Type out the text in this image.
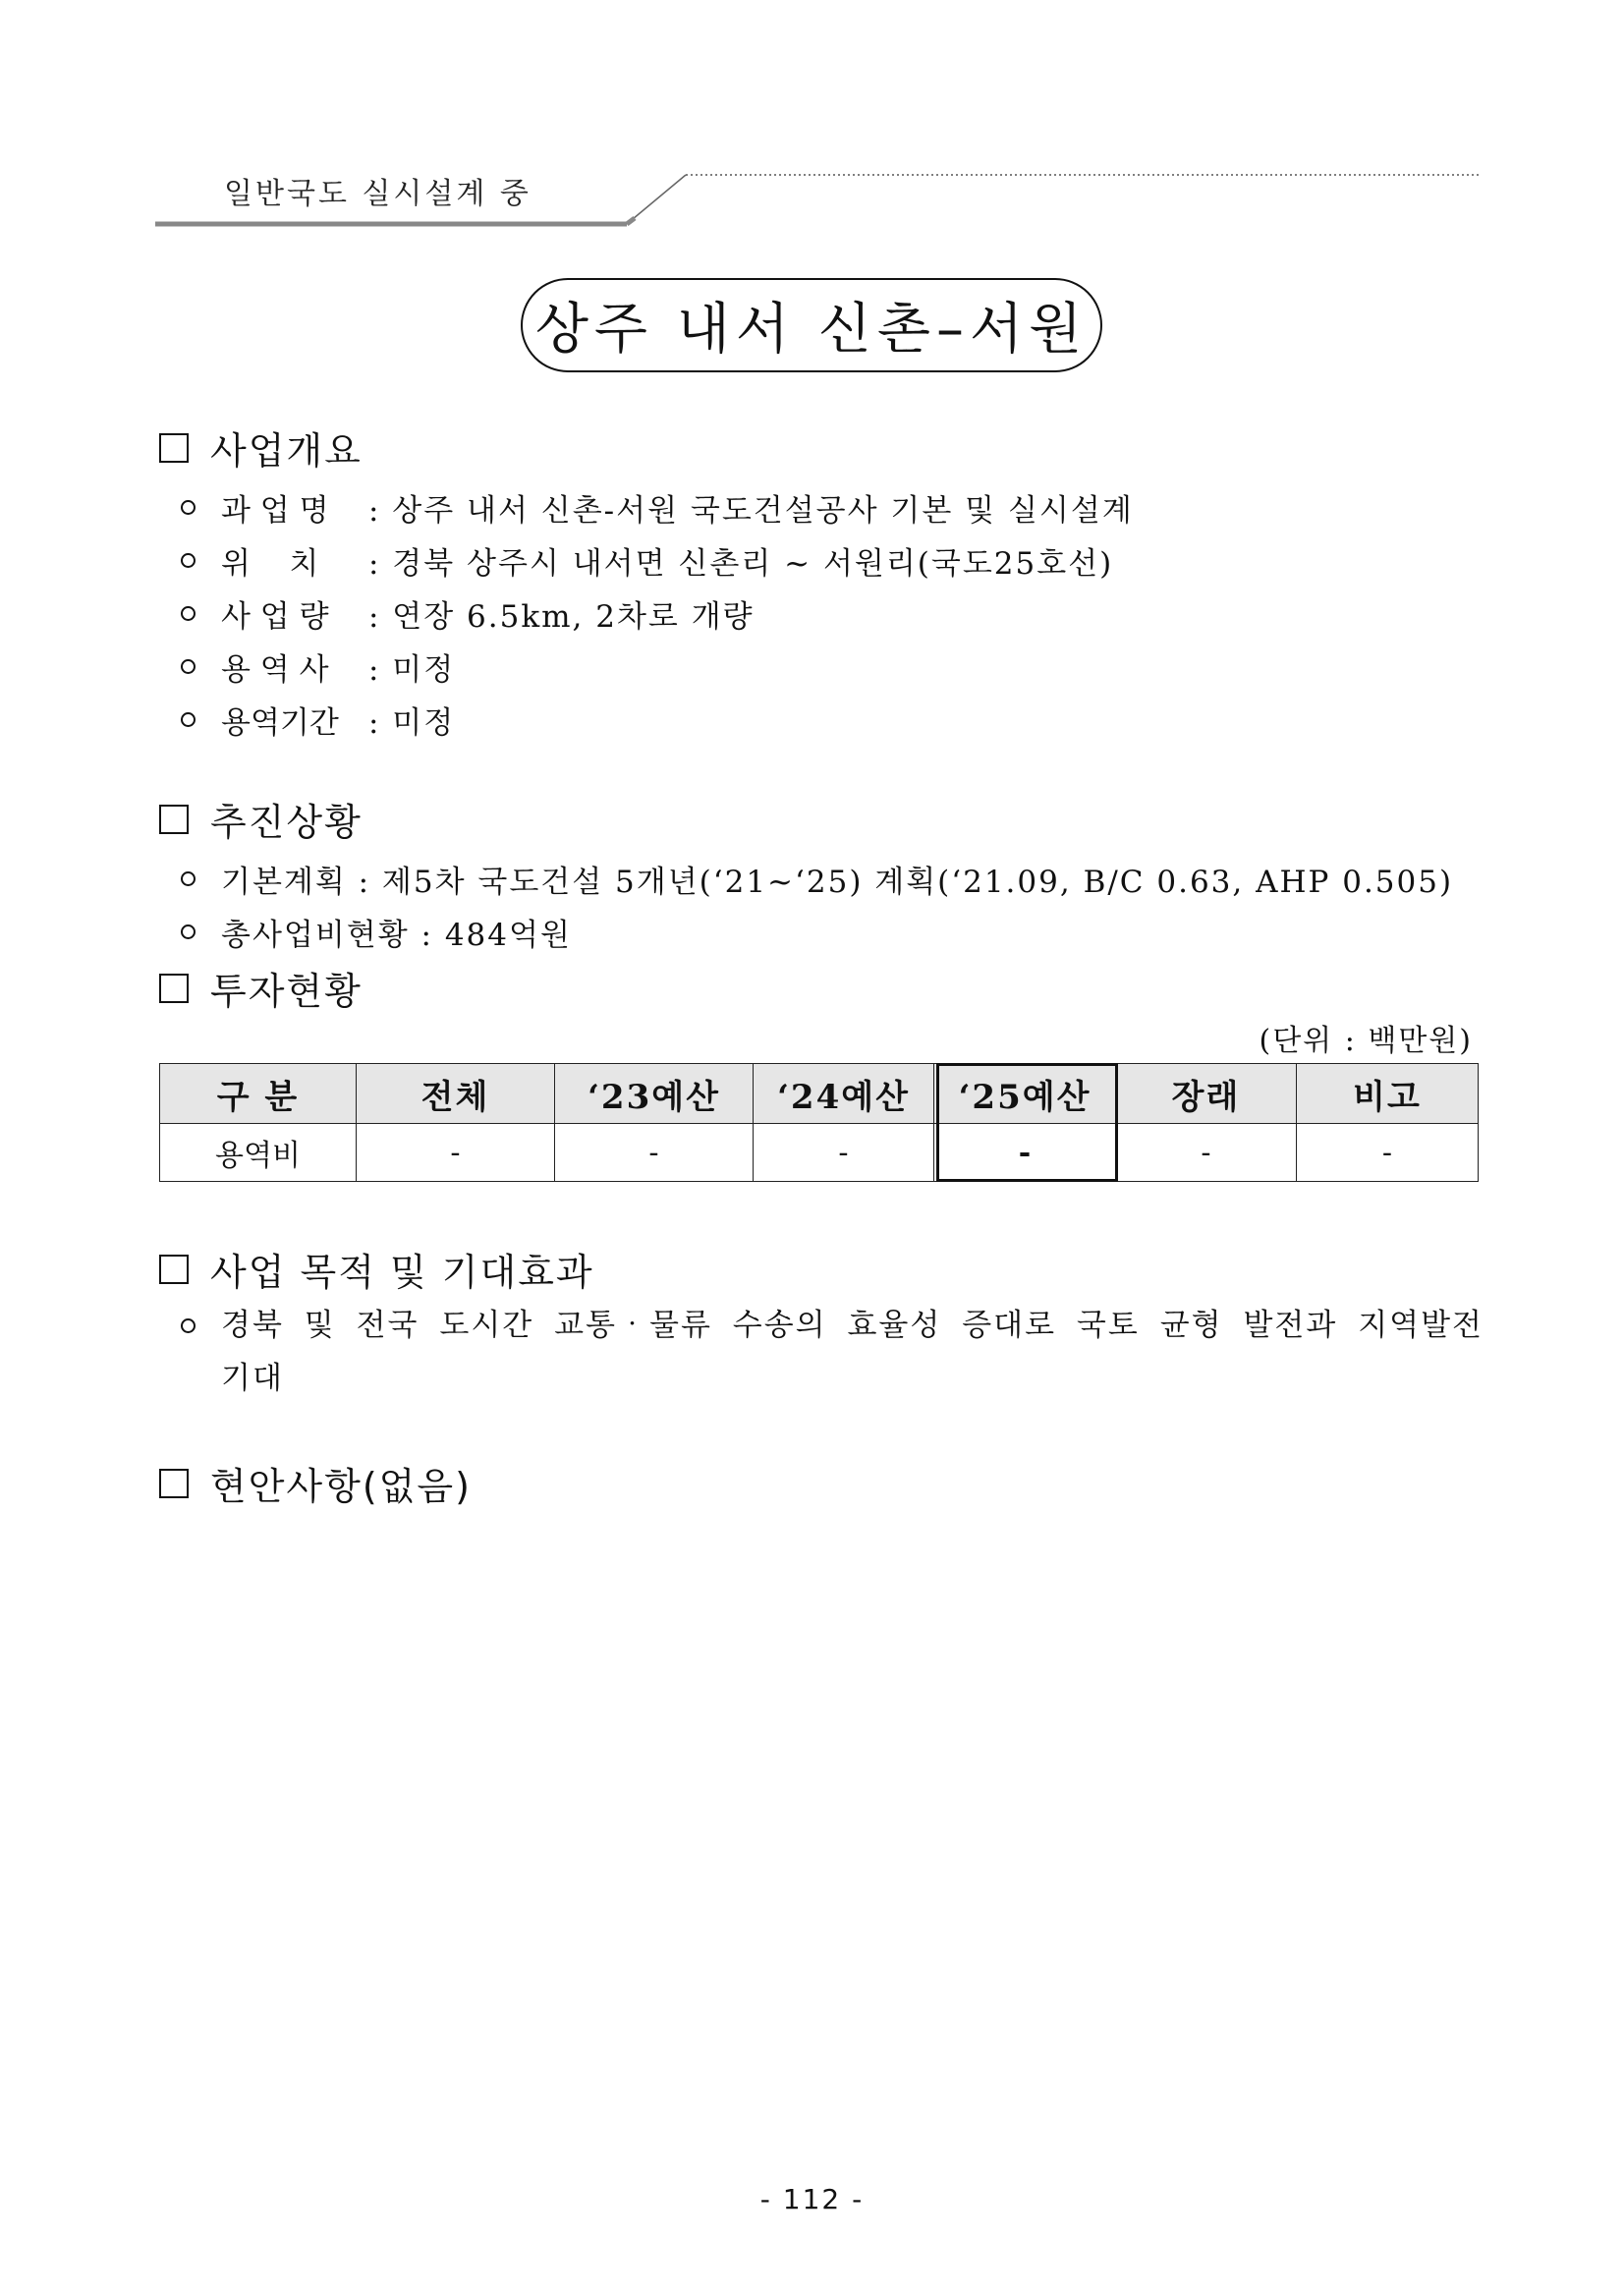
일반국도 실시설계 중
상주 내서 신촌–서원
사업개요
과 업 명	: 상주 내서 신촌-서원 국도건설공사 기본 및 실시설계
위    치	: 경북 상주시 내서면 신촌리 ~ 서원리(국도25호선)
사 업 량	: 연장 6.5km, 2차로 개량
용 역 사	: 미정
용역기간 : 미정
추진상황
기본계획 : 제5차 국도건설 5개년(‘21~‘25) 계획(‘21.09, B/C 0.63, AHP 0.505)
총사업비현황 : 484억원
투자현황
(단위 : 백만원)
구 분	전체	‘23예산	‘24예산	‘25예산	장래	비고
용역비	-	-	-	-	-	-
사업 목적 및 기대효과
경북 및 전국 도시간 교통‧물류 수송의 효율성 증대로 국토 균형 발전과 지역발전
기대
현안사항(없음)
- 112 -
